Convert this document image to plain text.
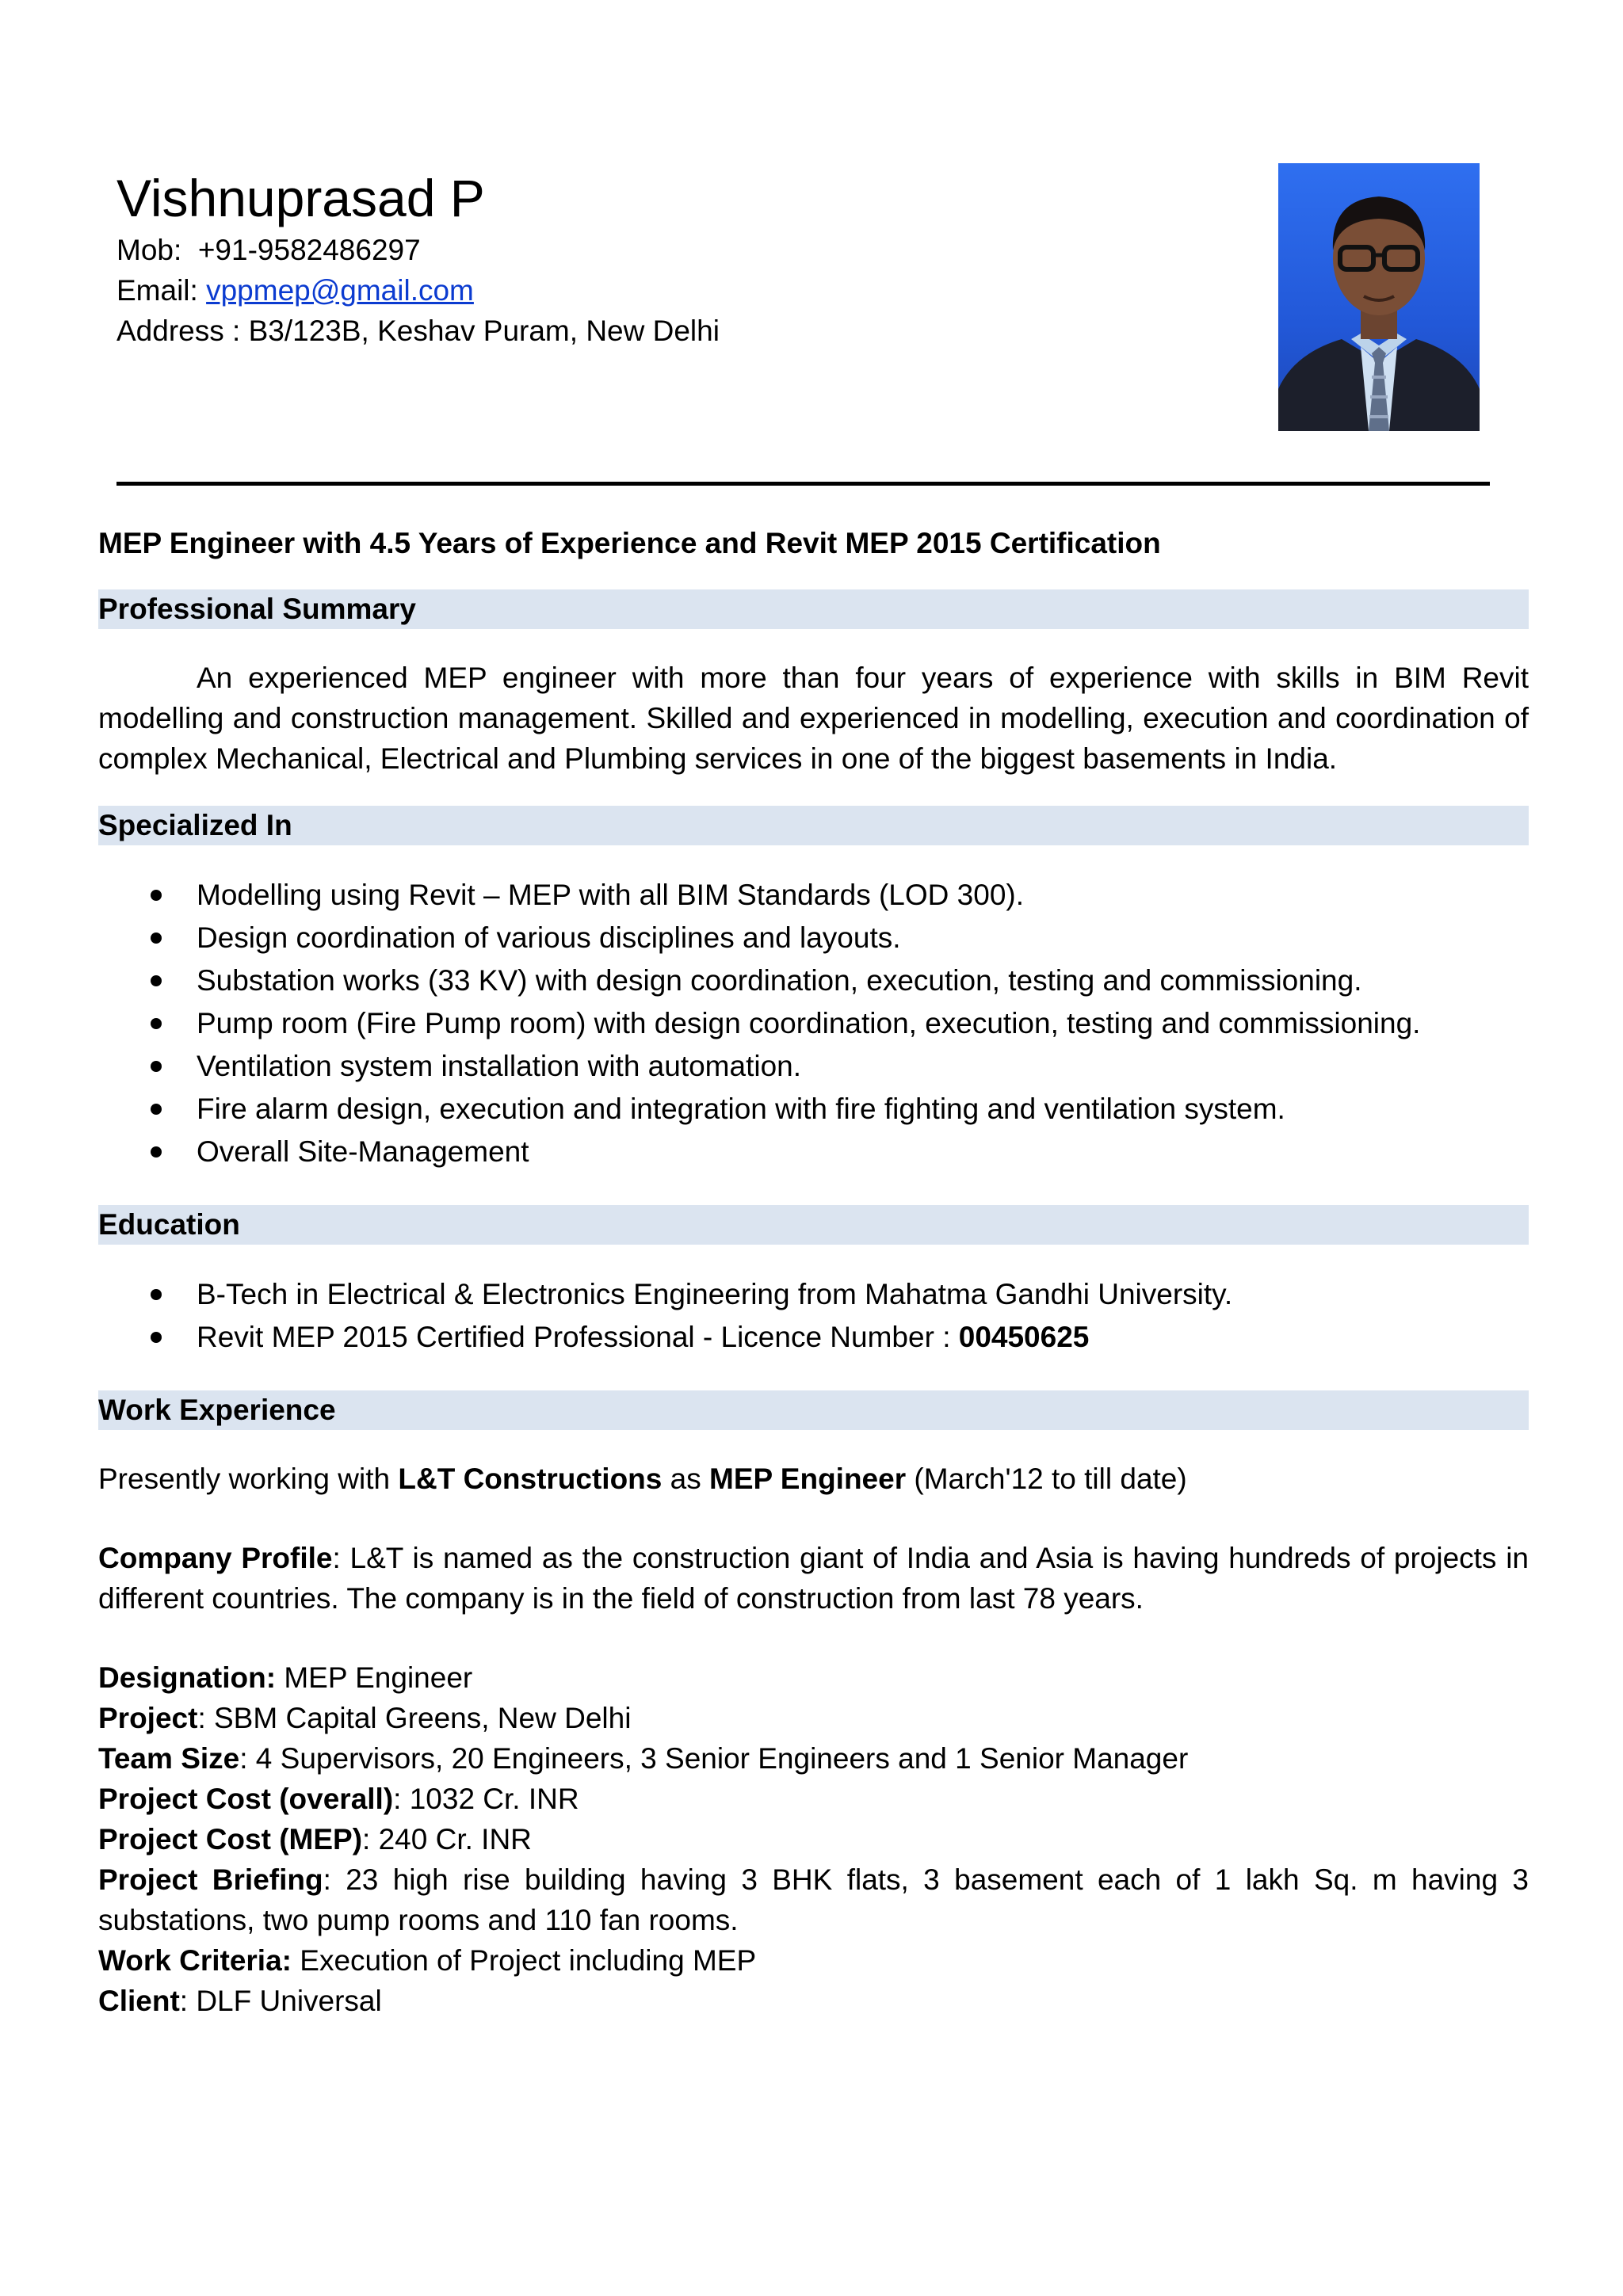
Vishnuprasad P
Mob: +91-9582486297
Email: vppmep@gmail.com
Address : B3/123B, Keshav Puram, New Delhi

MEP Engineer with 4.5 Years of Experience and Revit MEP 2015 Certification

Professional Summary

An experienced MEP engineer with more than four years of experience with skills in BIM Revit modelling and construction management. Skilled and experienced in modelling, execution and coordination of complex Mechanical, Electrical and Plumbing services in one of the biggest basements in India.

Specialized In
Modelling using Revit – MEP with all BIM Standards (LOD 300).
Design coordination of various disciplines and layouts.
Substation works (33 KV) with design coordination, execution, testing and commissioning.
Pump room (Fire Pump room) with design coordination, execution, testing and commissioning.
Ventilation system installation with automation.
Fire alarm design, execution and integration with fire fighting and ventilation system.
Overall Site-Management
Education
B-Tech in Electrical & Electronics Engineering from Mahatma Gandhi University.
Revit MEP 2015 Certified Professional - Licence Number : 00450625
Work Experience

Presently working with L&T Constructions as MEP Engineer (March'12 to till date)

Company Profile: L&T is named as the construction giant of India and Asia is having hundreds of projects in different countries. The company is in the field of construction from last 78 years.

Designation: MEP Engineer

Project: SBM Capital Greens, New Delhi

Team Size: 4 Supervisors, 20 Engineers, 3 Senior Engineers and 1 Senior Manager

Project Cost (overall): 1032 Cr. INR

Project Cost (MEP): 240 Cr. INR

Project Briefing: 23 high rise building having 3 BHK flats, 3 basement each of 1 lakh Sq. m having 3 substations, two pump rooms and 110 fan rooms.

Work Criteria: Execution of Project including MEP

Client: DLF Universal
